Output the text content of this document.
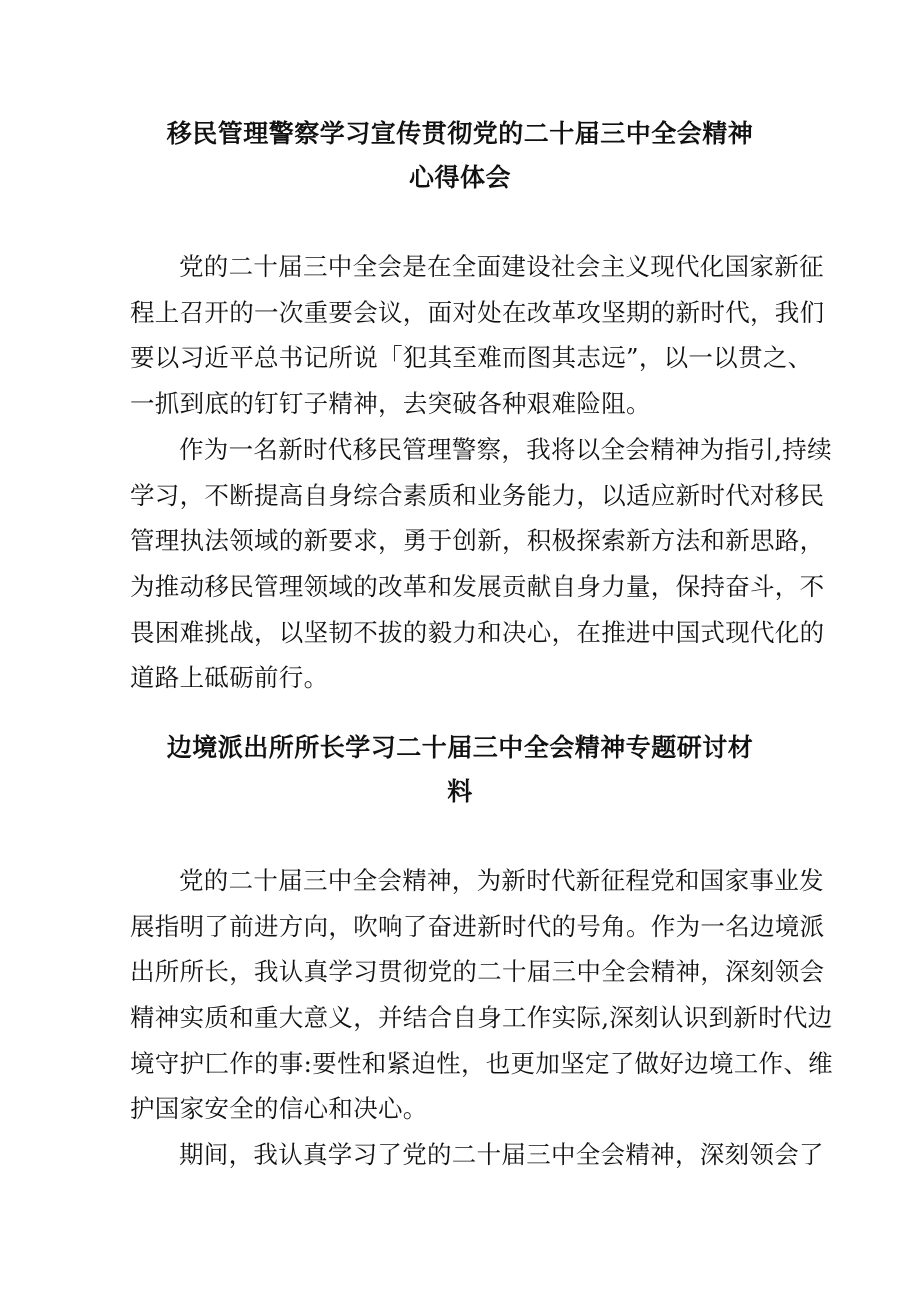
移民管理警察学习宣传贯彻党的二十届三中全会精神
心得体会
党的二十届三中全会是在全面建设社会主义现代化国家新征
程上召开的一次重要会议，面对处在改革攻坚期的新时代，我们
要以习近平总书记所说「犯其至难而图其志远”，以一以贯之、
一抓到底的钉钉子精神，去突破各种艰难险阻。
作为一名新时代移民管理警察，我将以全会精神为指引,持续
学习，不断提高自身综合素质和业务能力，以适应新时代对移民
管理执法领域的新要求，勇于创新，积极探索新方法和新思路，
为推动移民管理领域的改革和发展贡献自身力量，保持奋斗，不
畏困难挑战，以坚韧不拔的毅力和决心，在推进中国式现代化的
道路上砥砺前行。
边境派出所所长学习二十届三中全会精神专题研讨材
料
党的二十届三中全会精神，为新时代新征程党和国家事业发
展指明了前进方向，吹响了奋进新时代的号角。作为一名边境派
出所所长，我认真学习贯彻党的二十届三中全会精神，深刻领会
精神实质和重大意义，并结合自身工作实际,深刻认识到新时代边
境守护匚作的事:要性和紧迫性，也更加坚定了做好边境工作、维
护国家安全的信心和决心。
期间，我认真学习了党的二十届三中全会精神，深刻领会了
